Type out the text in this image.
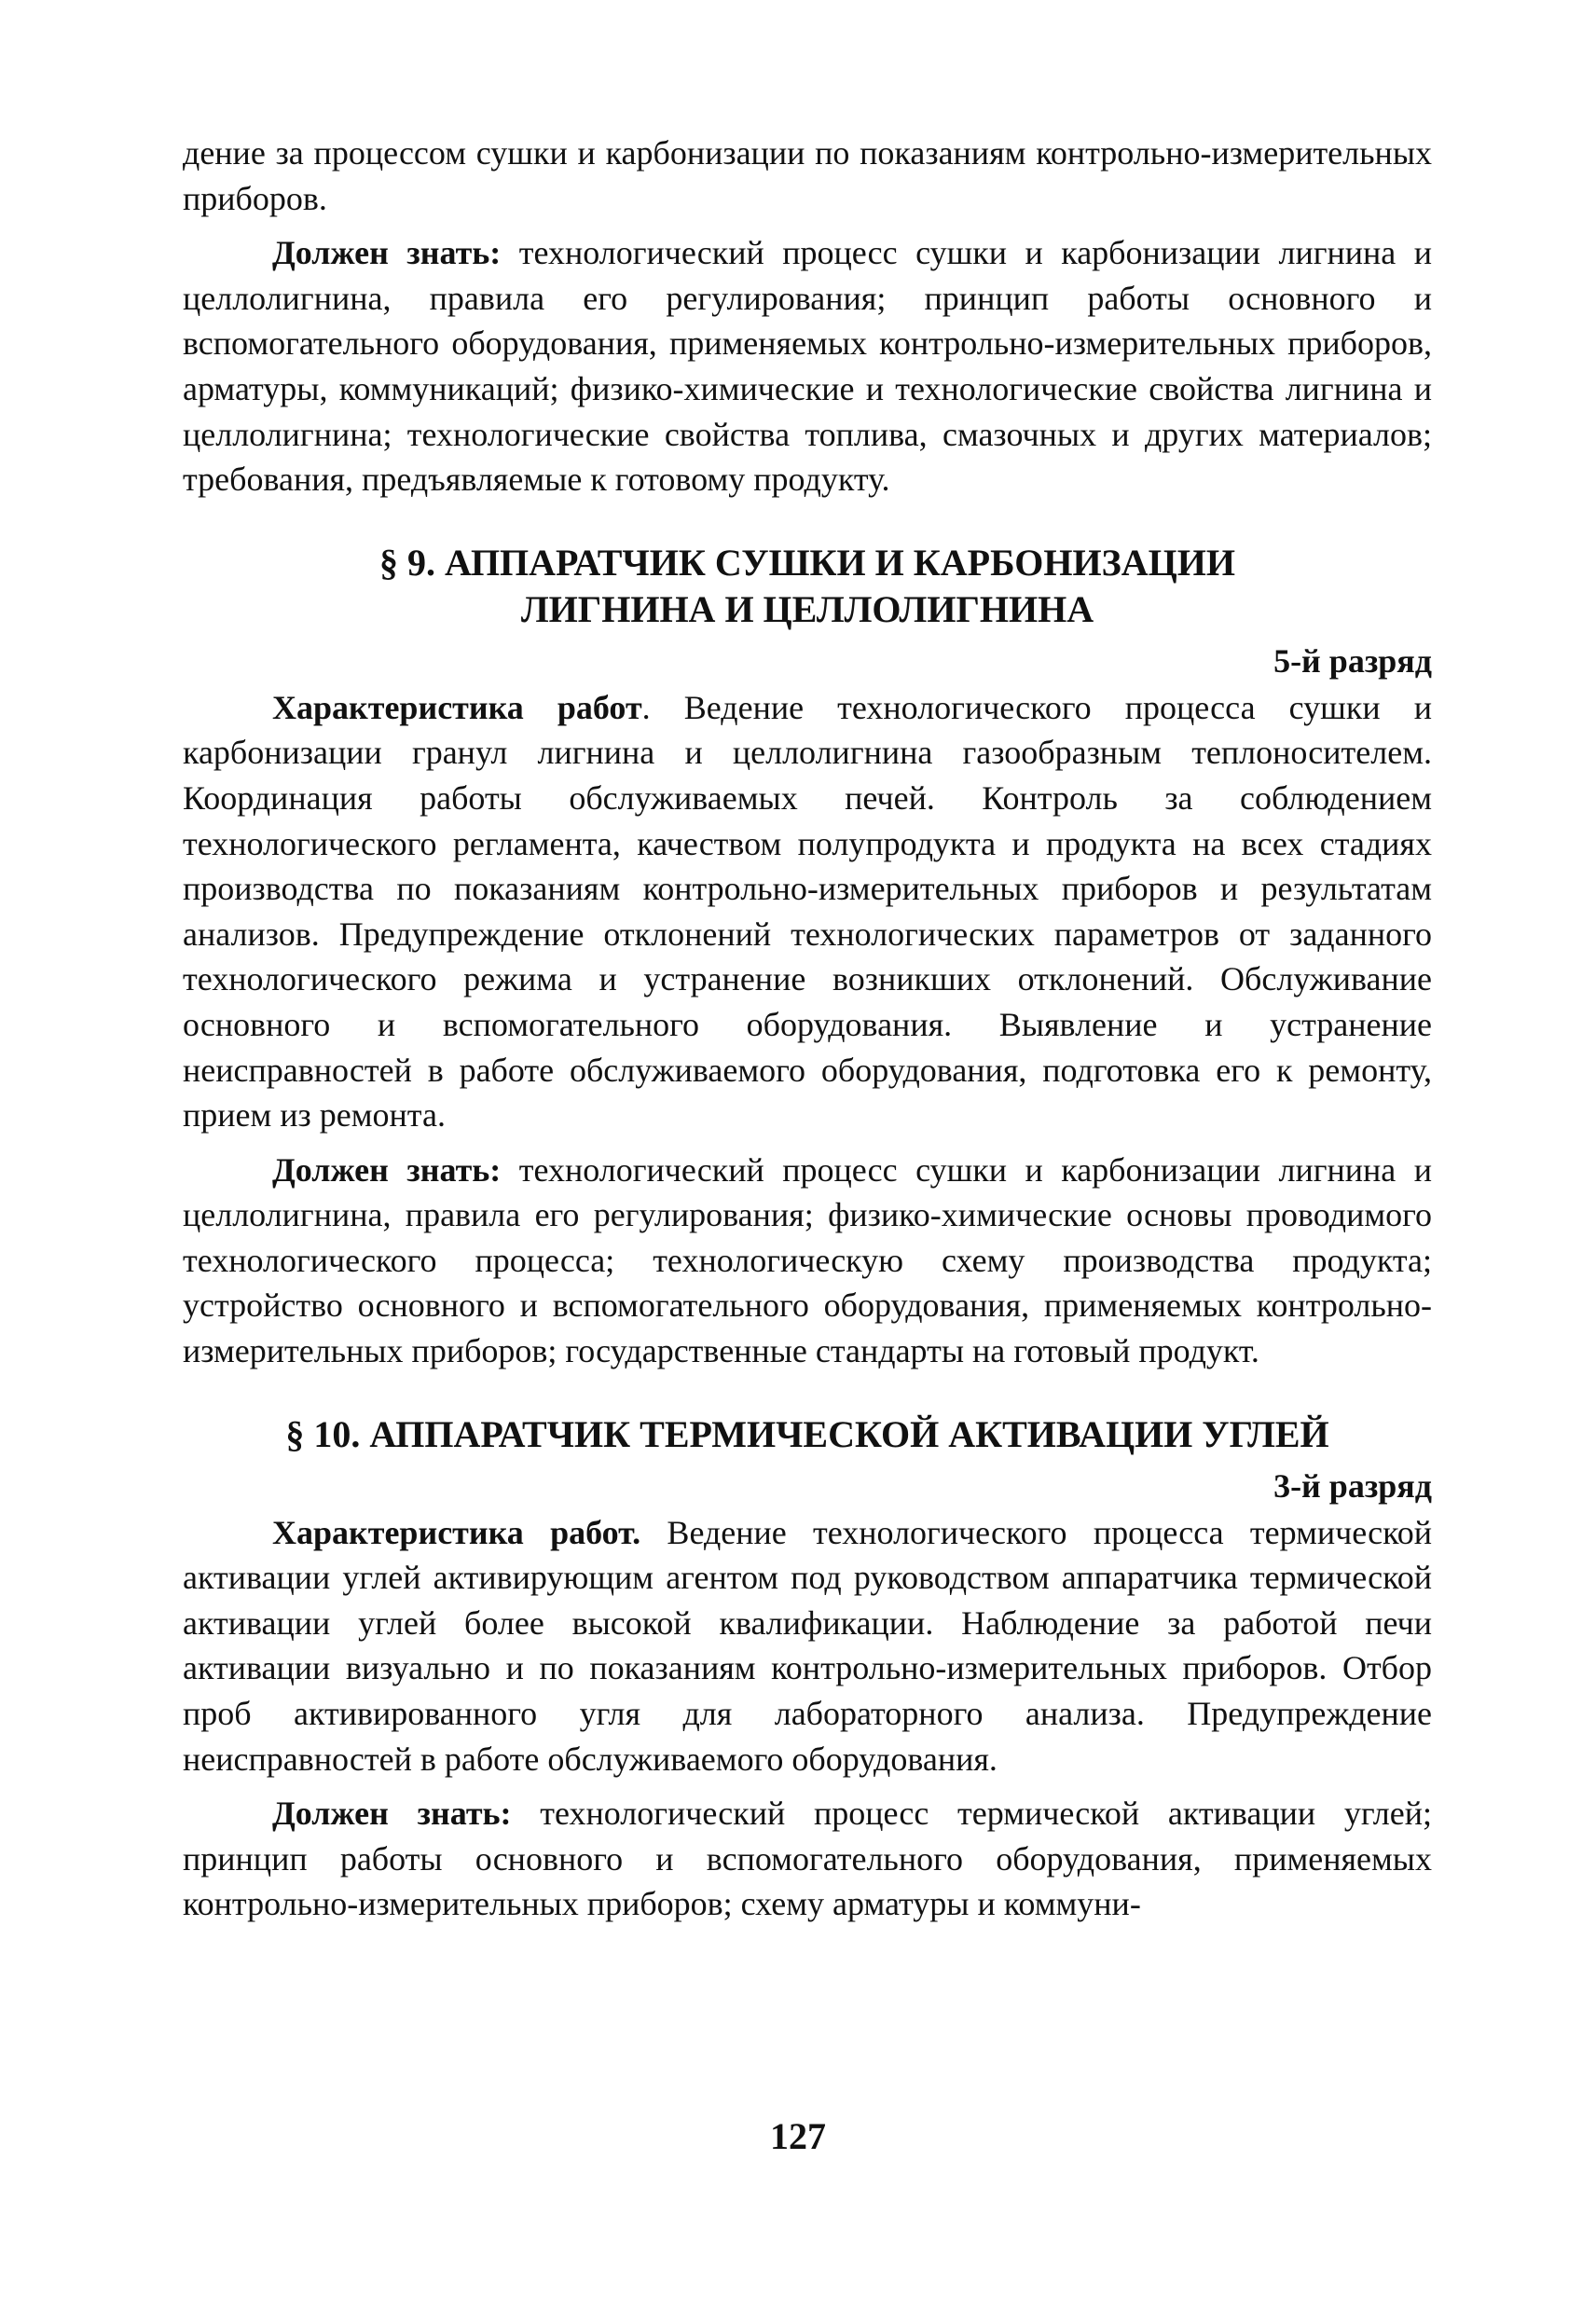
дение за процессом сушки и карбонизации по показаниям контрольно-измерительных приборов.

Должен знать: технологический процесс сушки и карбонизации лигнина и целлолигнина, правила его регулирования; принцип работы основного и вспомогательного оборудования, применяемых контрольно-измерительных приборов, арматуры, коммуникаций; физико-химические и технологические свойства лигнина и целлолигнина; технологические свойства топлива, смазочных и других материалов; требования, предъявляемые к готовому продукту.

§ 9. АППАРАТЧИК СУШКИ И КАРБОНИЗАЦИИ
ЛИГНИНА И ЦЕЛЛОЛИГНИНА
5-й разряд

Характеристика работ. Ведение технологического процесса сушки и карбонизации гранул лигнина и целлолигнина газообразным теплоносителем. Координация работы обслуживаемых печей. Контроль за соблюдением технологического регламента, качеством полупродукта и продукта на всех стадиях производства по показаниям контрольно-измерительных приборов и результатам анализов. Предупреждение отклонений технологических параметров от заданного технологического режима и устранение возникших отклонений. Обслуживание основного и вспомогательного оборудования. Выявление и устранение неисправностей в работе обслуживаемого оборудования, подготовка его к ремонту, прием из ремонта.

Должен знать: технологический процесс сушки и карбонизации лигнина и целлолигнина, правила его регулирования; физико-химические основы проводимого технологического процесса; технологическую схему производства продукта; устройство основного и вспомогательного оборудования, применяемых контрольно-измерительных приборов; государственные стандарты на готовый продукт.

§ 10. АППАРАТЧИК ТЕРМИЧЕСКОЙ АКТИВАЦИИ УГЛЕЙ
3-й разряд

Характеристика работ. Ведение технологического процесса термической активации углей активирующим агентом под руководством аппаратчика термической активации углей более высокой квалификации. Наблюдение за работой печи активации визуально и по показаниям контрольно-измерительных приборов. Отбор проб активированного угля для лабораторного анализа. Предупреждение неисправностей в работе обслуживаемого оборудования.

Должен знать: технологический процесс термической активации углей; принцип работы основного и вспомогательного оборудования, применяемых контрольно-измерительных приборов; схему арматуры и коммуни-

127
